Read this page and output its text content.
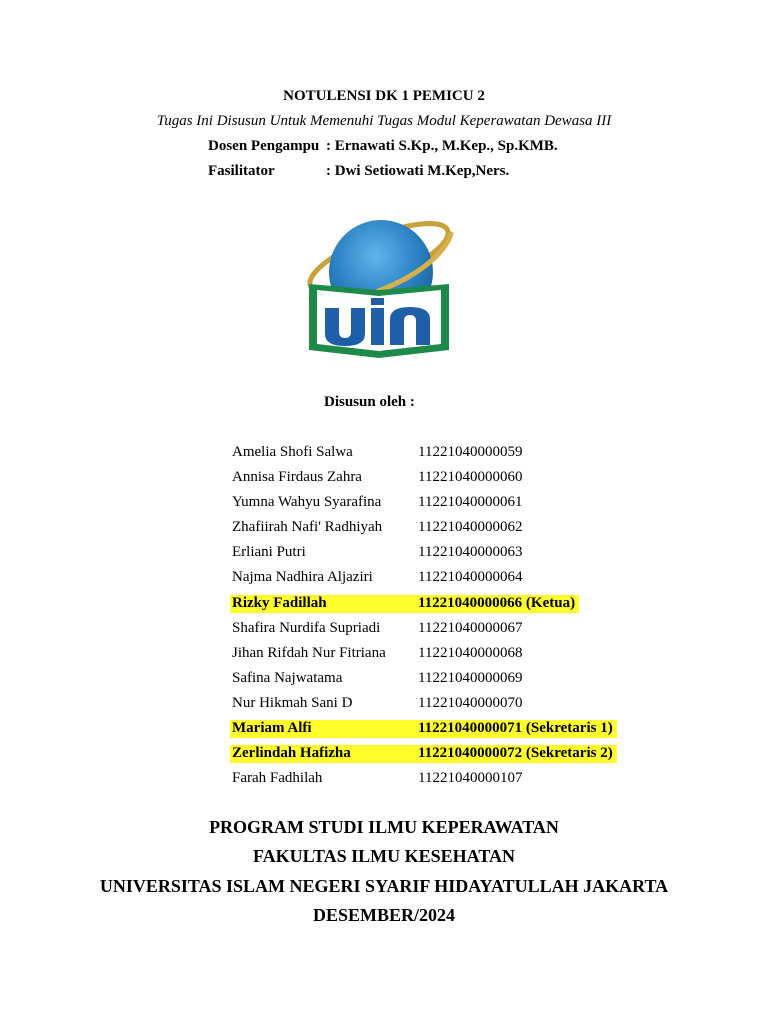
NOTULENSI DK 1 PEMICU 2
Tugas Ini Disusun Untuk Memenuhi Tugas Modul Keperawatan Dewasa III
Dosen Pengampu : Ernawati S.Kp., M.Kep., Sp.KMB.
Fasilitator	: Dwi Setiowati M.Kep,Ners.
Disusun oleh :
Amelia Shofi Salwa	11221040000059
Annisa Firdaus Zahra	11221040000060
Yumna Wahyu Syarafina 11221040000061
Zhafiirah Nafi' Radhiyah 11221040000062
Erliani Putri	11221040000063
Najma Nadhira Aljaziri	11221040000064
Rizky Fadillah	11221040000066 (Ketua)
Shafira Nurdifa Supriadi	11221040000067
Jihan Rifdah Nur Fitriana 11221040000068
Safina Najwatama	11221040000069
Nur Hikmah Sani D	11221040000070
Mariam Alfi	11221040000071 (Sekretaris 1)
Zerlindah Hafizha	11221040000072 (Sekretaris 2)
Farah Fadhilah	11221040000107
PROGRAM STUDI ILMU KEPERAWATAN
FAKULTAS ILMU KESEHATAN
UNIVERSITAS ISLAM NEGERI SYARIF HIDAYATULLAH JAKARTA
DESEMBER/2024
